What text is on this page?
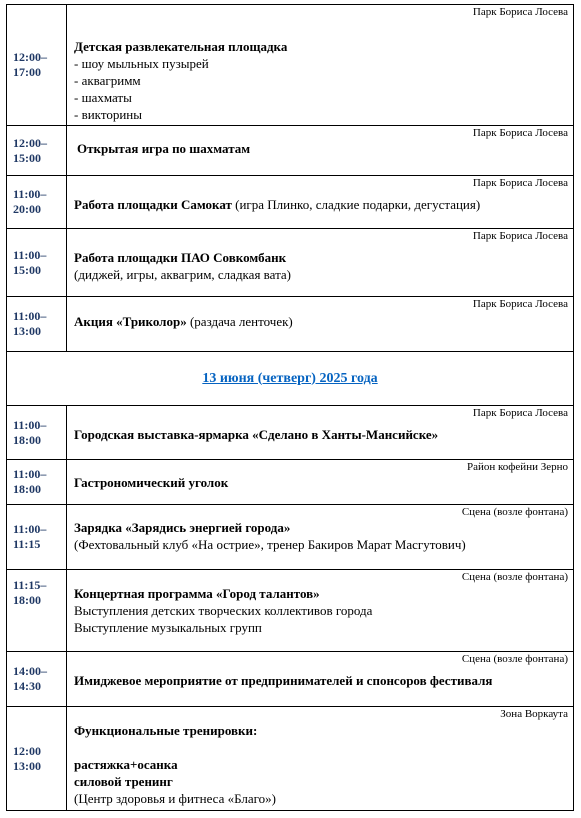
12:00–
17:00
Парк Бориса Лосева
Детская развлекательная площадка
- шоу мыльных пузырей
- аквагримм
- шахматы
- викторины
12:00–
15:00
Парк Бориса Лосева
Открытая игра по шахматам
11:00–
20:00
Парк Бориса Лосева
Работа площадки Самокат (игра Плинко, сладкие подарки, дегустация)
11:00–
15:00
Парк Бориса Лосева
Работа площадки ПАО Совкомбанк
(диджей, игры, аквагрим, сладкая вата)
11:00–
13:00
Парк Бориса Лосева
Акция «Триколор» (раздача ленточек)
13 июня (четверг) 2025 года
11:00–
18:00
Парк Бориса Лосева
Городская выставка-ярмарка «Сделано в Ханты-Мансийске»
11:00–
18:00
Район кофейни Зерно
Гастрономический уголок
11:00–
11:15
Сцена (возле фонтана)
Зарядка «Зарядись энергией города»
(Фехтовальный клуб «На острие», тренер Бакиров Марат Масгутович)
11:15–
18:00
Сцена (возле фонтана)
Концертная программа «Город талантов»
Выступления детских творческих коллективов города
Выступление музыкальных групп
14:00–
14:30
Сцена (возле фонтана)
Имиджевое мероприятие от предпринимателей и спонсоров фестиваля
12:00
13:00
Зона Воркаута
Функциональные тренировки:
растяжка+осанка
силовой тренинг
(Центр здоровья и фитнеса «Благо»)
